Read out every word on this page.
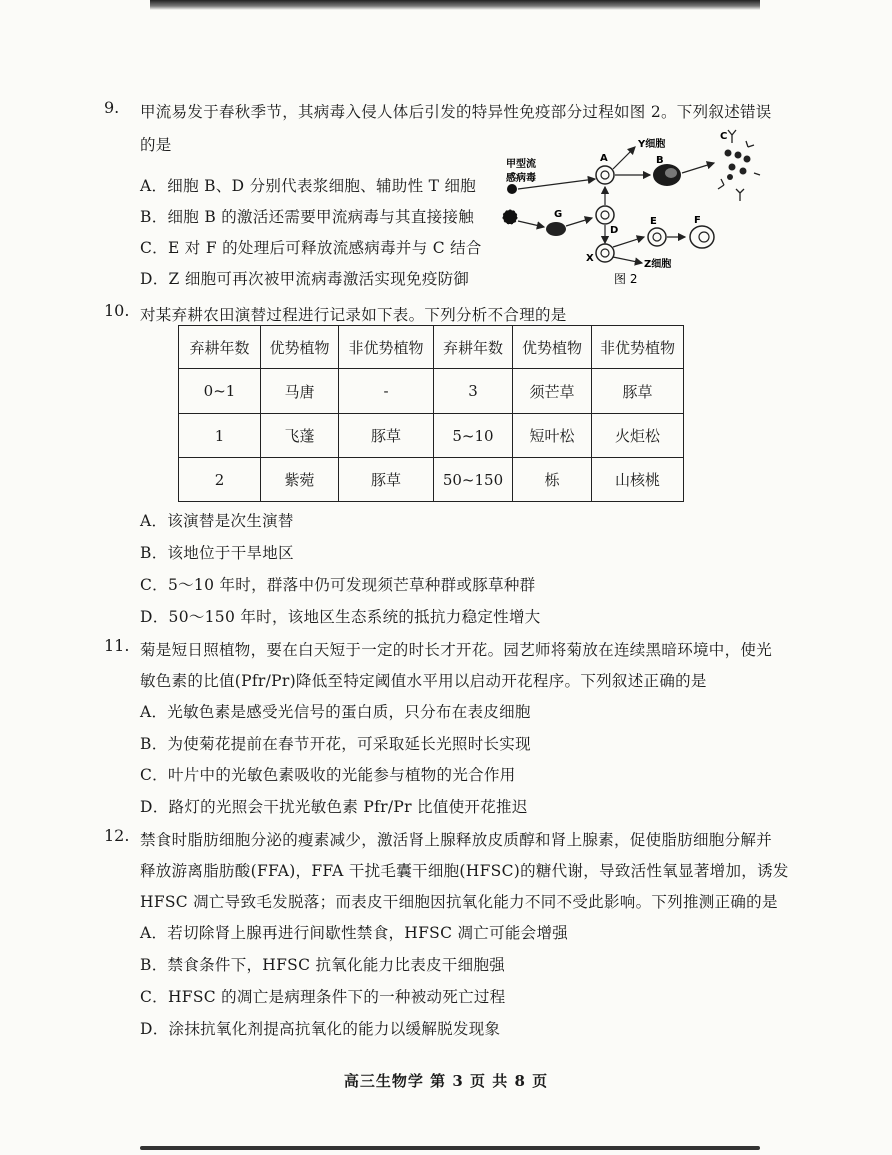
9. 甲流易发于春秋季节，其病毒入侵人体后引发的特异性免疫部分过程如图 2。下列叙述错误
的是
A．细胞 B、D 分别代表浆细胞、辅助性 T 细胞
B．细胞 B 的激活还需要甲流病毒与其直接接触
C．E 对 F 的处理后可释放流感病毒并与 C 结合
D．Z 细胞可再次被甲流病毒激活实现免疫防御
甲型流
感病毒
G
D
A
Y细胞
B
C
X
Z细胞
E	F
图 2
10. 对某弃耕农田演替过程进行记录如下表。下列分析不合理的是
弃耕年数	优势植物	非优势植物	弃耕年数	优势植物	非优势植物
0~1	马唐	-	3	须芒草	豚草
1	飞蓬	豚草	5~10	短叶松	火炬松
2	紫菀	豚草	50~150	栎	山核桃
A．该演替是次生演替
B．该地位于干旱地区
C．5～10 年时，群落中仍可发现须芒草种群或豚草种群
D．50～150 年时，该地区生态系统的抵抗力稳定性增大
11. 菊是短日照植物，要在白天短于一定的时长才开花。园艺师将菊放在连续黑暗环境中，使光
敏色素的比值(Pfr/Pr)降低至特定阈值水平用以启动开花程序。下列叙述正确的是
A．光敏色素是感受光信号的蛋白质，只分布在表皮细胞
B．为使菊花提前在春节开花，可采取延长光照时长实现
C．叶片中的光敏色素吸收的光能参与植物的光合作用
D．路灯的光照会干扰光敏色素 Pfr/Pr 比值使开花推迟
12. 禁食时脂肪细胞分泌的瘦素减少，激活肾上腺释放皮质醇和肾上腺素，促使脂肪细胞分解并
释放游离脂肪酸(FFA)，FFA 干扰毛囊干细胞(HFSC)的糖代谢，导致活性氧显著增加，诱发
HFSC 凋亡导致毛发脱落；而表皮干细胞因抗氧化能力不同不受此影响。下列推测正确的是
A．若切除肾上腺再进行间歇性禁食，HFSC 凋亡可能会增强
B．禁食条件下，HFSC 抗氧化能力比表皮干细胞强
C．HFSC 的凋亡是病理条件下的一种被动死亡过程
D．涂抹抗氧化剂提高抗氧化的能力以缓解脱发现象
高三生物学 第 3 页 共 8 页
